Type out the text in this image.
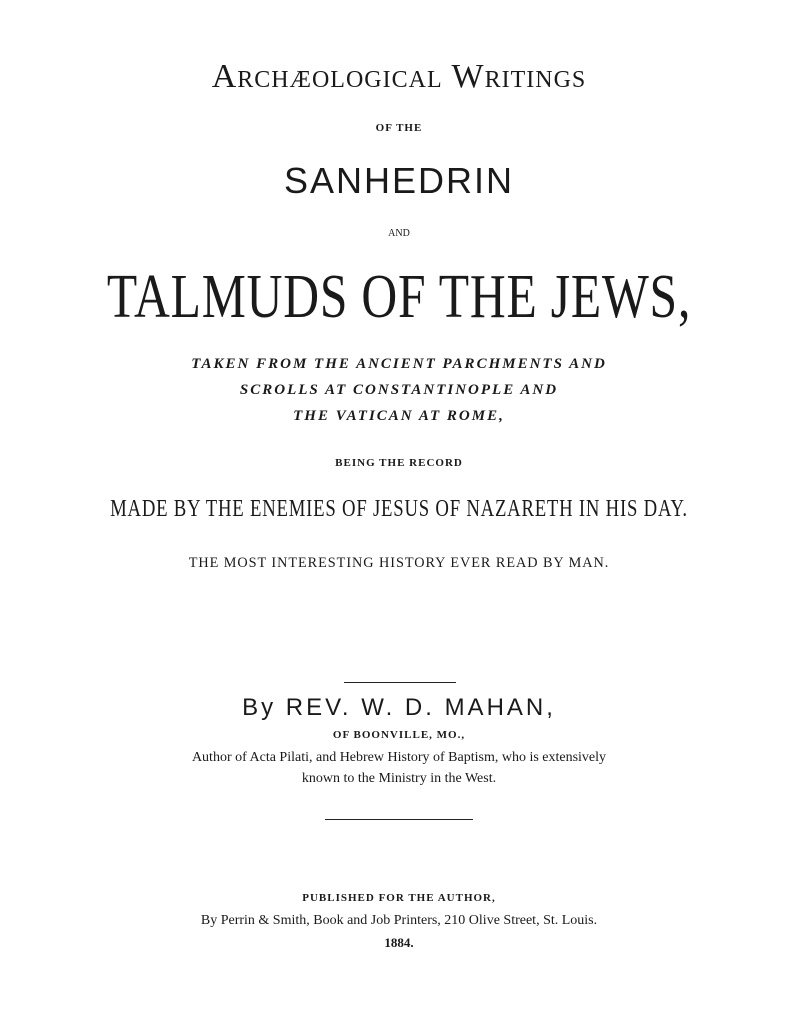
Archæological Writings
OF THE
SANHEDRIN
AND
TALMUDS OF THE JEWS,
TAKEN FROM THE ANCIENT PARCHMENTS AND
SCROLLS AT CONSTANTINOPLE AND
THE VATICAN AT ROME,
BEING THE RECORD
MADE BY THE ENEMIES OF JESUS OF NAZARETH IN HIS DAY.
THE MOST INTERESTING HISTORY EVER READ BY MAN.
By REV. W. D. MAHAN,
OF BOONVILLE, MO.,
Author of Acta Pilati, and Hebrew History of Baptism, who is extensively
known to the Ministry in the West.
PUBLISHED FOR THE AUTHOR,
By Perrin & Smith, Book and Job Printers, 210 Olive Street, St. Louis.
1884.
